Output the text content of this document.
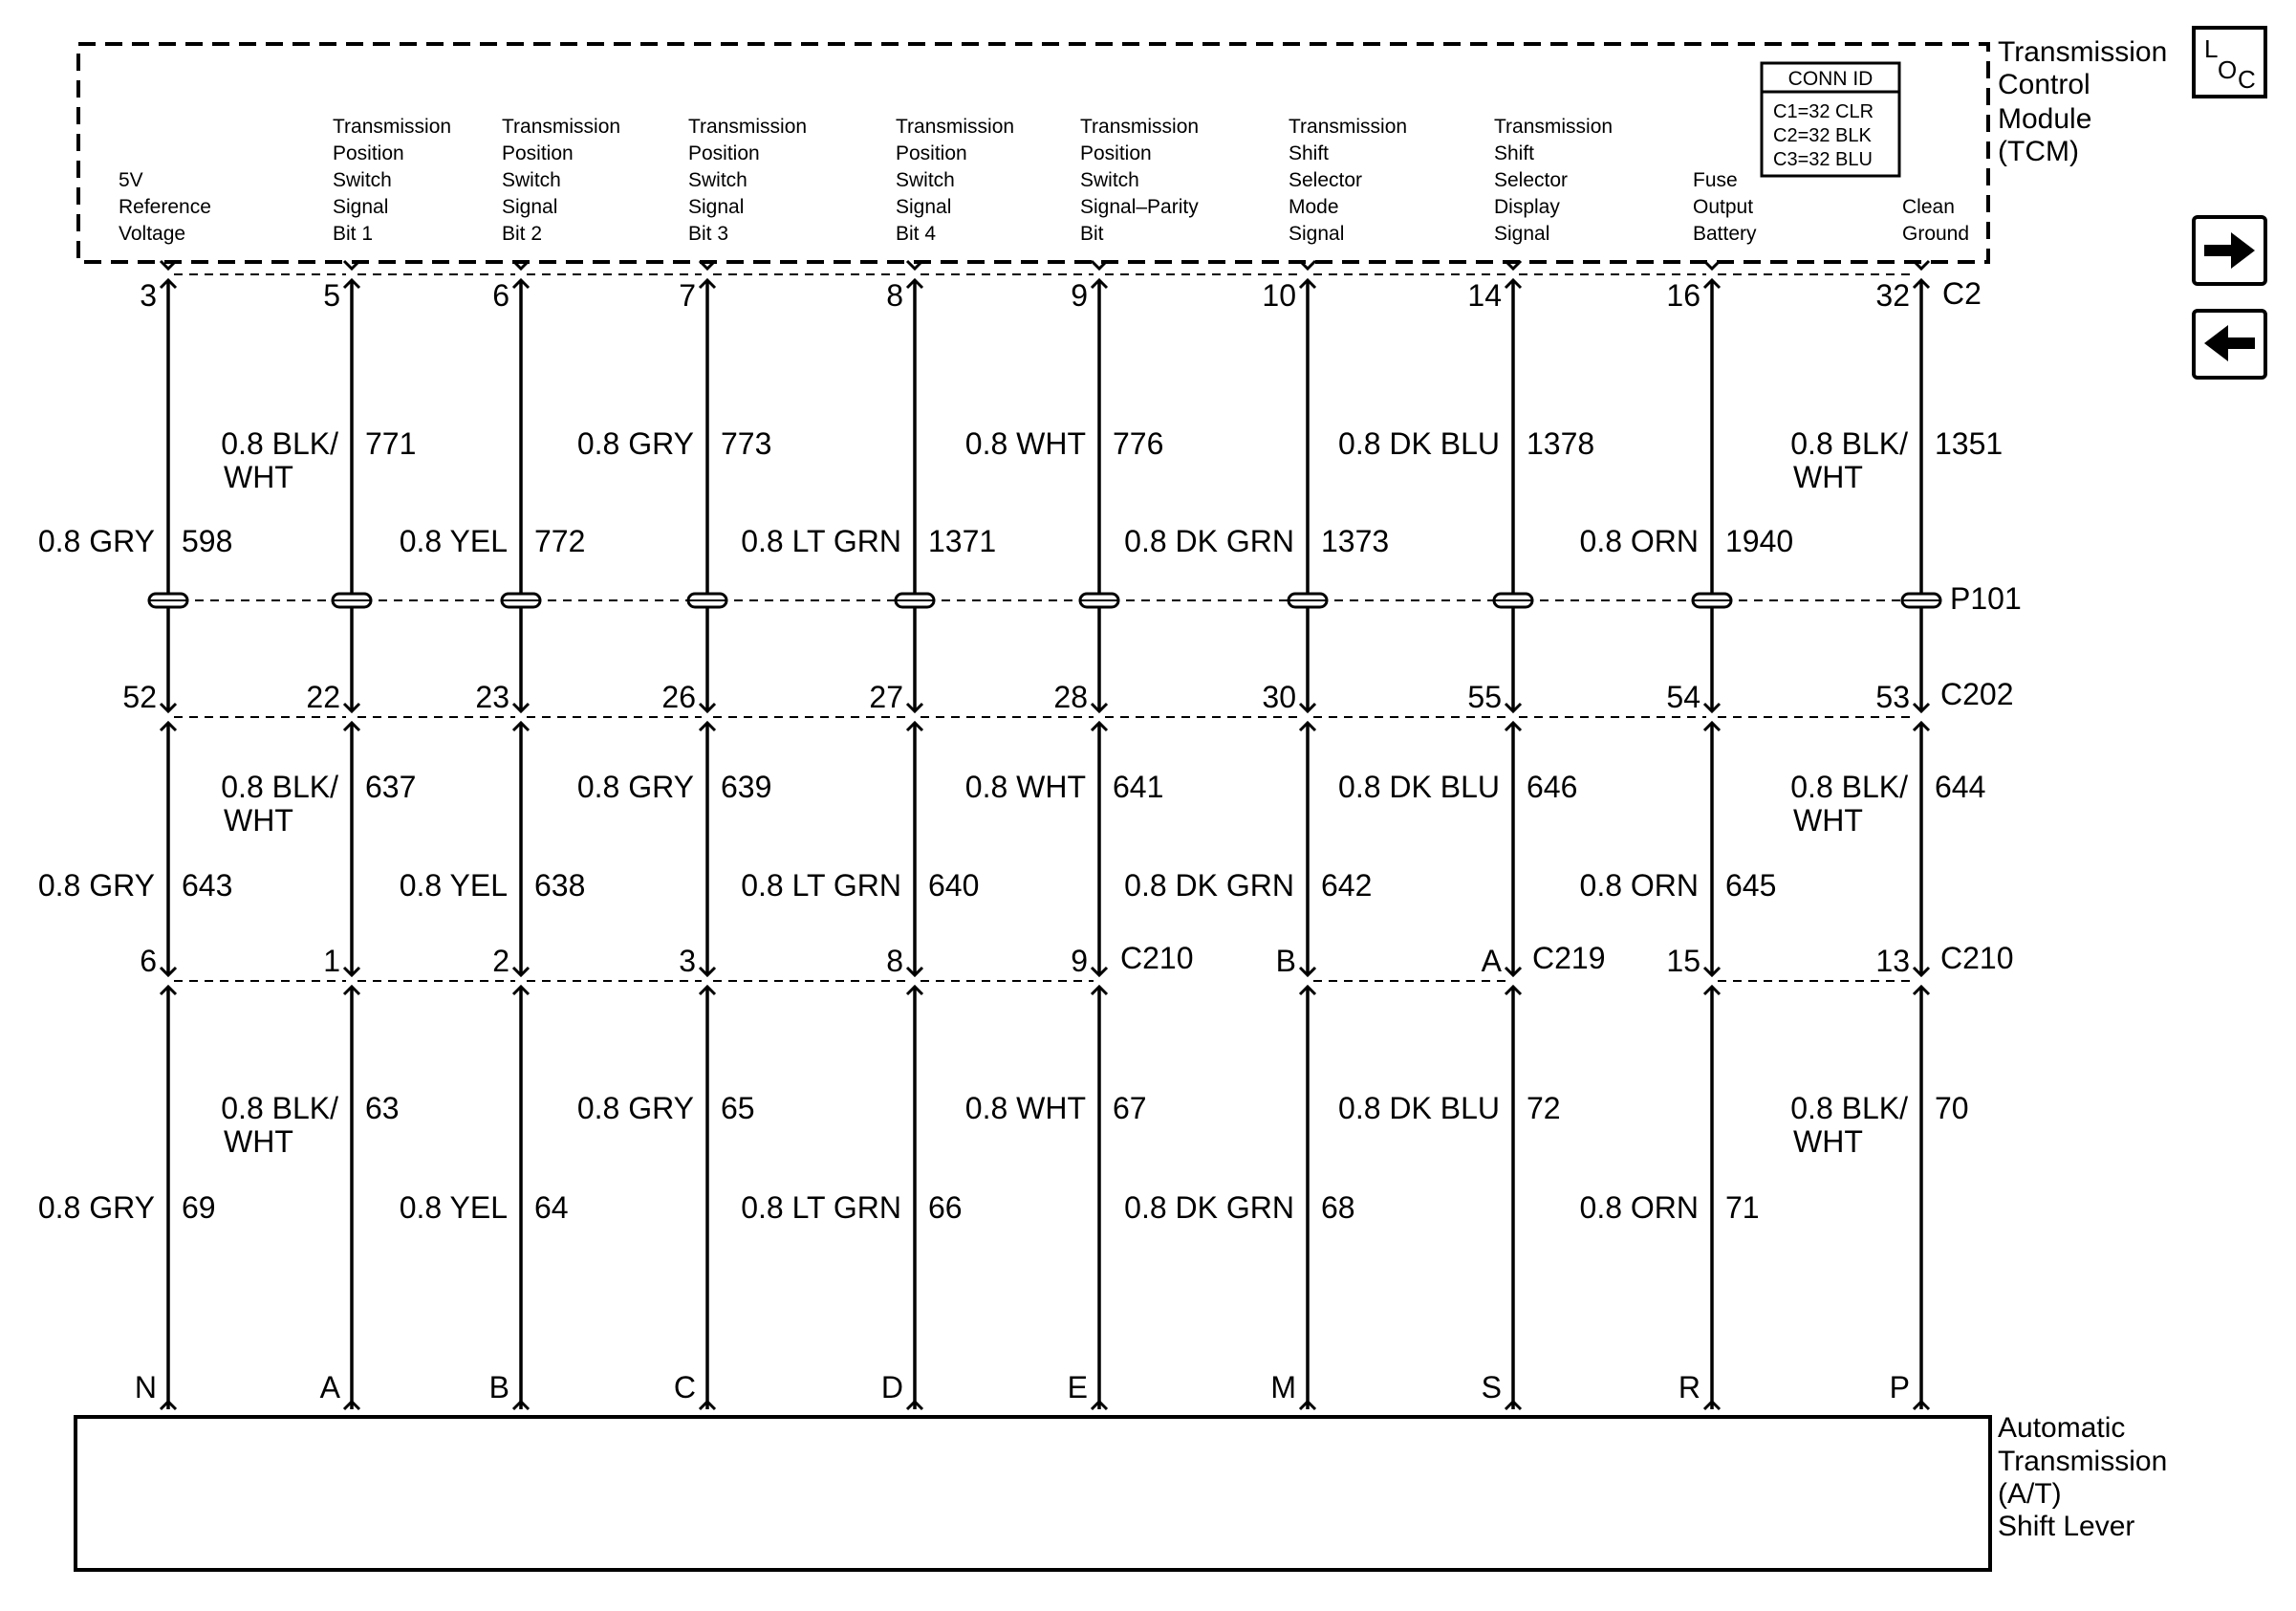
CONN ID
C1=32 CLR
C2=32 BLK
C3=32 BLU
Transmission
Control
Module
(TCM)
Automatic
Transmission
(A/T)
Shift Lever
C2
P101
C202
C210	C219	C210
5V
Reference
Voltage
3
52
6
N
0.8 GRY 598
0.8 GRY 643
0.8 GRY 69
Transmission
Position
Switch
Signal
Bit 1
5
22
1
A
0.8 BLK/
WHT
771
0.8 BLK/
WHT
637
0.8 BLK/
WHT
63
Transmission
Position
Switch
Signal
Bit 2
6
23
2
B
0.8 YEL 772
0.8 YEL 638
0.8 YEL 64
Transmission
Position
Switch
Signal
Bit 3
7
26
3
C
0.8 GRY 773
0.8 GRY 639
0.8 GRY 65
Transmission
Position
Switch
Signal
Bit 4
8
27
8
D
0.8 LT GRN 1371
0.8 LT GRN 640
0.8 LT GRN 66
Transmission
Position
Switch
Signal–Parity
Bit
9
28
9
E
0.8 WHT 776
0.8 WHT 641
0.8 WHT 67
Transmission
Shift
Selector
Mode
Signal
10
30
B
M
0.8 DK GRN 1373
0.8 DK GRN 642
0.8 DK GRN 68
Transmission
Shift
Selector
Display
Signal
14
55
A
S
0.8 DK BLU 1378
0.8 DK BLU 646
0.8 DK BLU 72
Fuse
Output
Battery
16
54
15
R
0.8 ORN 1940
0.8 ORN 645
0.8 ORN 71
Clean
Ground
32
53
13
P
0.8 BLK/
WHT
1351
0.8 BLK/
WHT
644
0.8 BLK/
WHT
70
L
O C
